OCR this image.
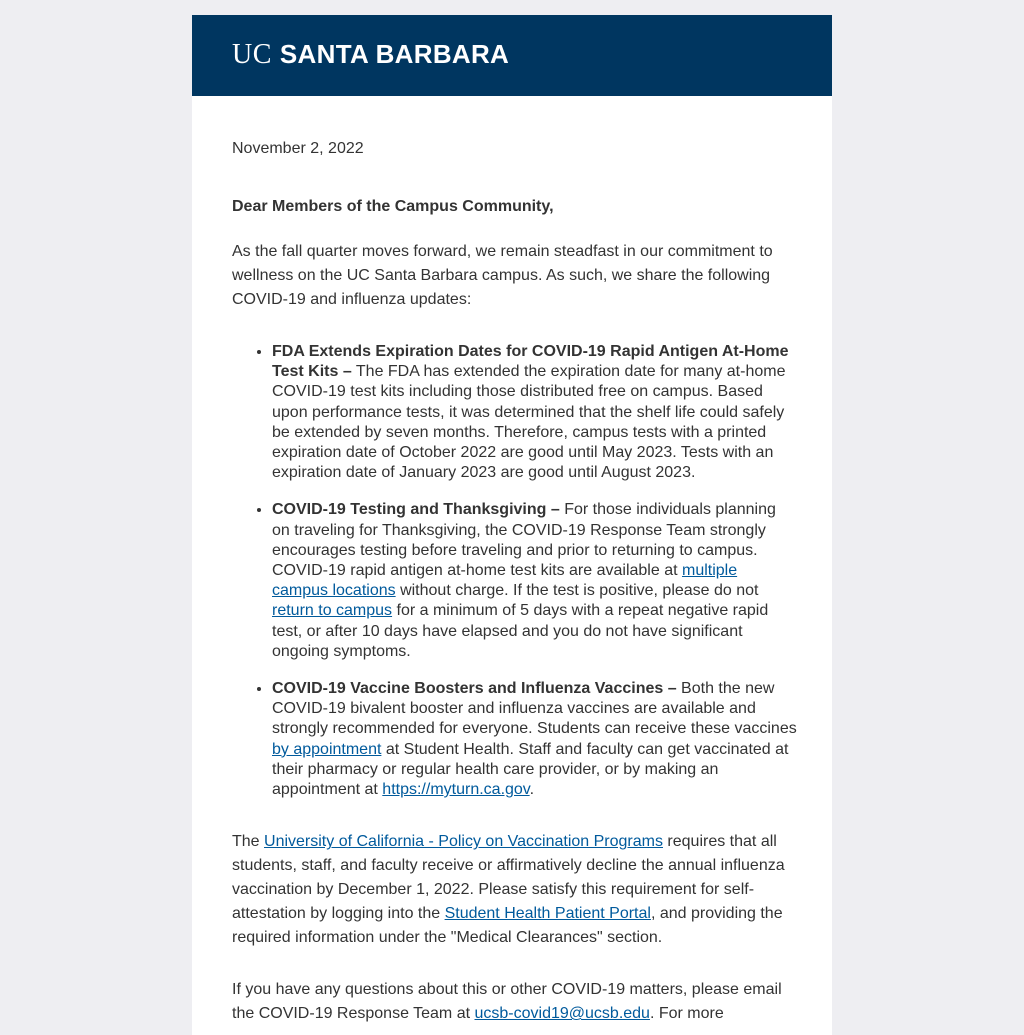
UC SANTA BARBARA

November 2, 2022

Dear Members of the Campus Community,

As the fall quarter moves forward, we remain steadfast in our commitment to wellness on the UC Santa Barbara campus. As such, we share the following COVID-19 and influenza updates:

• FDA Extends Expiration Dates for COVID-19 Rapid Antigen At-Home Test Kits – The FDA has extended the expiration date for many at-home COVID-19 test kits including those distributed free on campus. Based upon performance tests, it was determined that the shelf life could safely be extended by seven months. Therefore, campus tests with a printed expiration date of October 2022 are good until May 2023. Tests with an expiration date of January 2023 are good until August 2023.
• COVID-19 Testing and Thanksgiving – For those individuals planning on traveling for Thanksgiving, the COVID-19 Response Team strongly encourages testing before traveling and prior to returning to campus. COVID-19 rapid antigen at-home test kits are available at multiple campus locations without charge. If the test is positive, please do not return to campus for a minimum of 5 days with a repeat negative rapid test, or after 10 days have elapsed and you do not have significant ongoing symptoms.
• COVID-19 Vaccine Boosters and Influenza Vaccines – Both the new COVID-19 bivalent booster and influenza vaccines are available and strongly recommended for everyone. Students can receive these vaccines by appointment at Student Health. Staff and faculty can get vaccinated at their pharmacy or regular health care provider, or by making an appointment at https://myturn.ca.gov.

The University of California - Policy on Vaccination Programs requires that all students, staff, and faculty receive or affirmatively decline the annual influenza vaccination by December 1, 2022. Please satisfy this requirement for self-attestation by logging into the Student Health Patient Portal, and providing the required information under the "Medical Clearances" section.

If you have any questions about this or other COVID-19 matters, please email the COVID-19 Response Team at ucsb-covid19@ucsb.edu. For more
